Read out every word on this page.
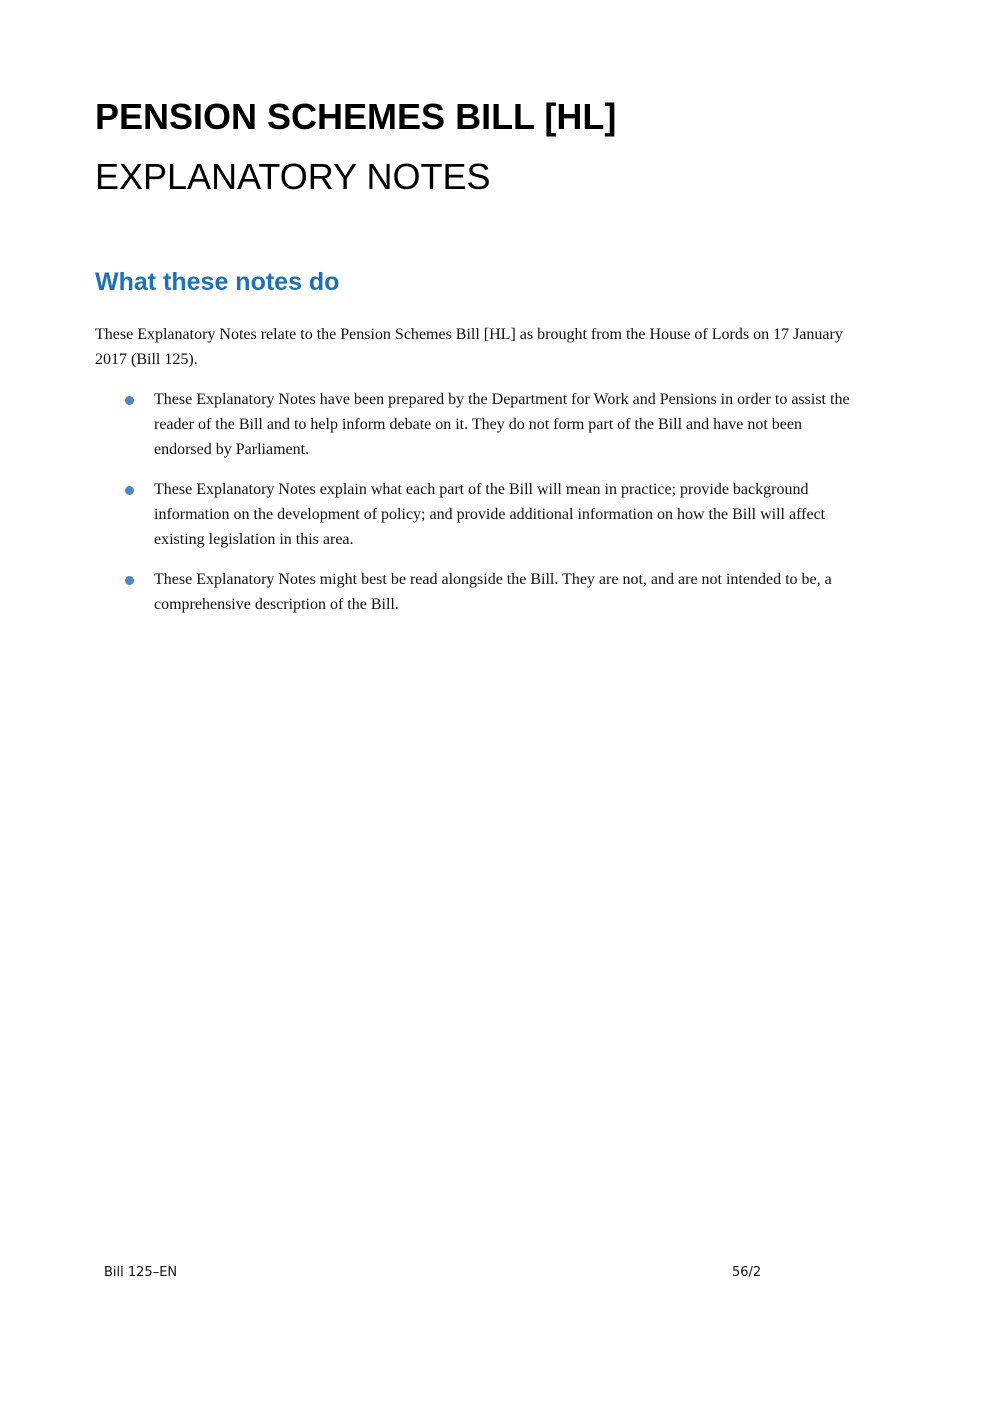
PENSION SCHEMES BILL [HL]
EXPLANATORY NOTES
What these notes do
These Explanatory Notes relate to the Pension Schemes Bill [HL] as brought from the House of Lords on 17 January 2017 (Bill 125).
These Explanatory Notes have been prepared by the Department for Work and Pensions in order to assist the reader of the Bill and to help inform debate on it. They do not form part of the Bill and have not been endorsed by Parliament.
These Explanatory Notes explain what each part of the Bill will mean in practice; provide background information on the development of policy; and provide additional information on how the Bill will affect existing legislation in this area.
These Explanatory Notes might best be read alongside the Bill. They are not, and are not intended to be, a comprehensive description of the Bill.
Bill 125–EN	56/2
